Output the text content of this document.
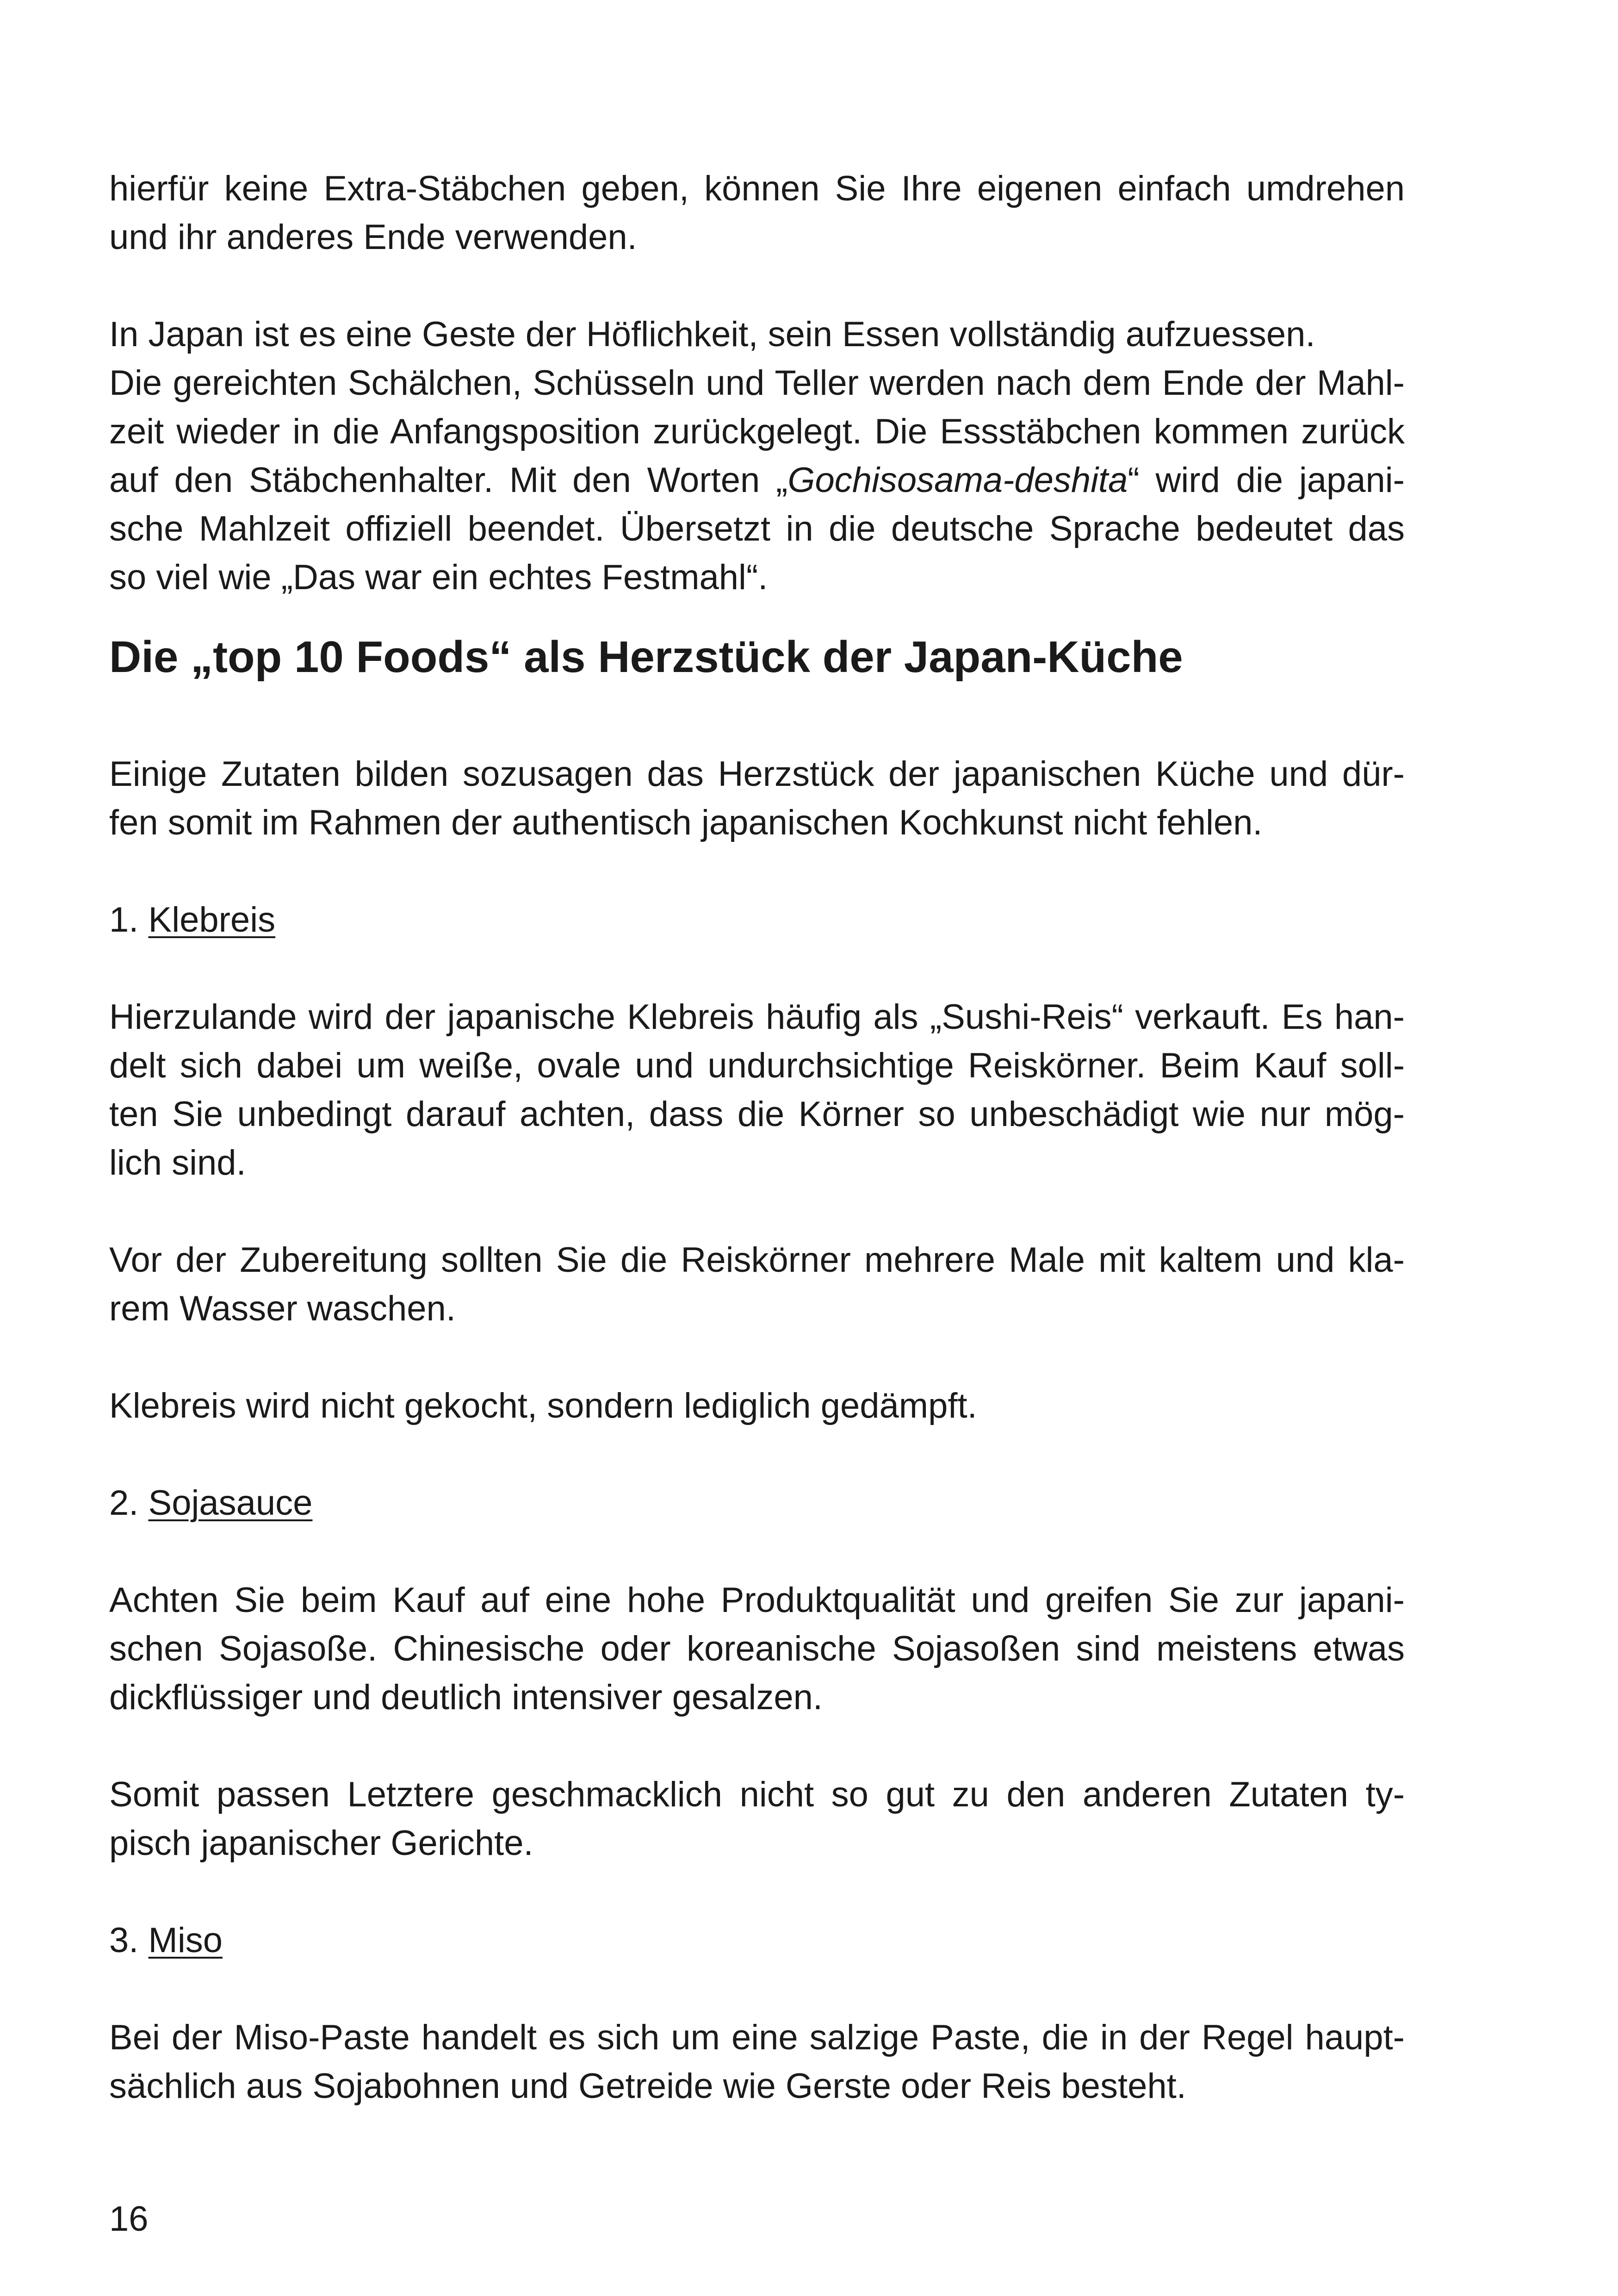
hierfür keine Extra-Stäbchen geben, können Sie Ihre eigenen einfach umdrehen
und ihr anderes Ende verwenden.
In Japan ist es eine Geste der Höflichkeit, sein Essen vollständig aufzuessen.
Die gereichten Schälchen, Schüsseln und Teller werden nach dem Ende der Mahl-
zeit wieder in die Anfangsposition zurückgelegt. Die Essstäbchen kommen zurück
auf den Stäbchenhalter. Mit den Worten „Gochisosama-deshita“ wird die japani-
sche Mahlzeit offiziell beendet. Übersetzt in die deutsche Sprache bedeutet das
so viel wie „Das war ein echtes Festmahl“.
Die „top 10 Foods“ als Herzstück der Japan-Küche
Einige Zutaten bilden sozusagen das Herzstück der japanischen Küche und dür-
fen somit im Rahmen der authentisch japanischen Kochkunst nicht fehlen.

1. Klebreis

Hierzulande wird der japanische Klebreis häufig als „Sushi-Reis“ verkauft. Es han-
delt sich dabei um weiße, ovale und undurchsichtige Reiskörner. Beim Kauf soll-
ten Sie unbedingt darauf achten, dass die Körner so unbeschädigt wie nur mög-
lich sind.
Vor der Zubereitung sollten Sie die Reiskörner mehrere Male mit kaltem und kla-
rem Wasser waschen.
Klebreis wird nicht gekocht, sondern lediglich gedämpft.

2. Sojasauce

Achten Sie beim Kauf auf eine hohe Produktqualität und greifen Sie zur japani-
schen Sojasoße. Chinesische oder koreanische Sojasoßen sind meistens etwas
dickflüssiger und deutlich intensiver gesalzen.
Somit passen Letztere geschmacklich nicht so gut zu den anderen Zutaten ty-
pisch japanischer Gerichte.

3. Miso

Bei der Miso-Paste handelt es sich um eine salzige Paste, die in der Regel haupt-
sächlich aus Sojabohnen und Getreide wie Gerste oder Reis besteht.

16
